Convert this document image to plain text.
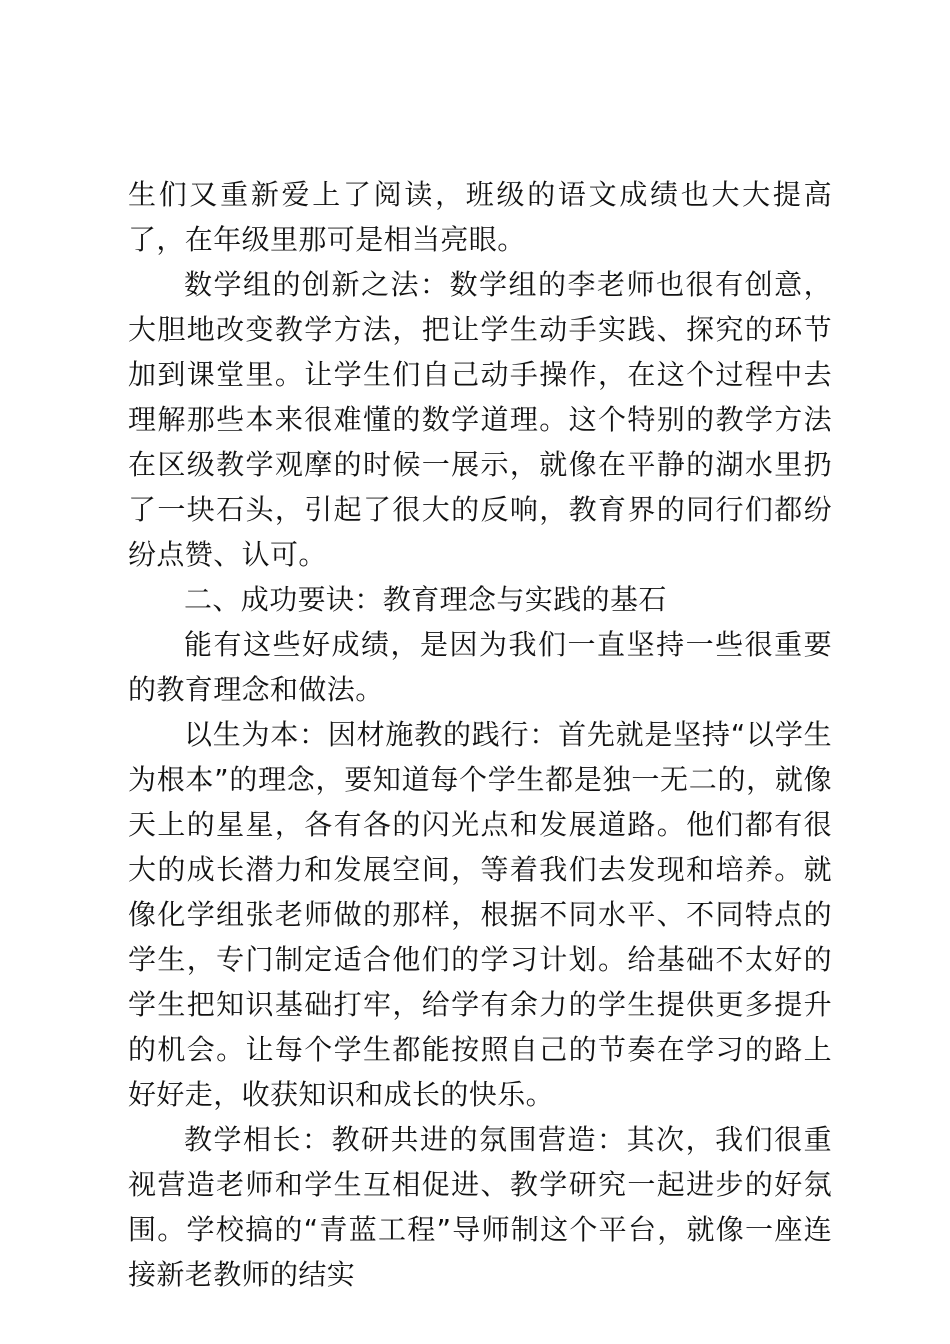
生们又重新爱上了阅读，班级的语文成绩也大大提高了，在年级里那可是相当亮眼。

数学组的创新之法：数学组的李老师也很有创意，大胆地改变教学方法，把让学生动手实践、探究的环节加到课堂里。让学生们自己动手操作，在这个过程中去理解那些本来很难懂的数学道理。这个特别的教学方法在区级教学观摩的时候一展示，就像在平静的湖水里扔了一块石头，引起了很大的反响，教育界的同行们都纷纷点赞、认可。

二、成功要诀：教育理念与实践的基石

能有这些好成绩，是因为我们一直坚持一些很重要的教育理念和做法。

以生为本：因材施教的践行：首先就是坚持“以学生为根本”的理念，要知道每个学生都是独一无二的，就像天上的星星，各有各的闪光点和发展道路。他们都有很大的成长潜力和发展空间，等着我们去发现和培养。就像化学组张老师做的那样，根据不同水平、不同特点的学生，专门制定适合他们的学习计划。给基础不太好的学生把知识基础打牢，给学有余力的学生提供更多提升的机会。让每个学生都能按照自己的节奏在学习的路上好好走，收获知识和成长的快乐。

教学相长：教研共进的氛围营造：其次，我们很重视营造老师和学生互相促进、教学研究一起进步的好氛围。学校搞的“青蓝工程”导师制这个平台，就像一座连接新老教师的结实
